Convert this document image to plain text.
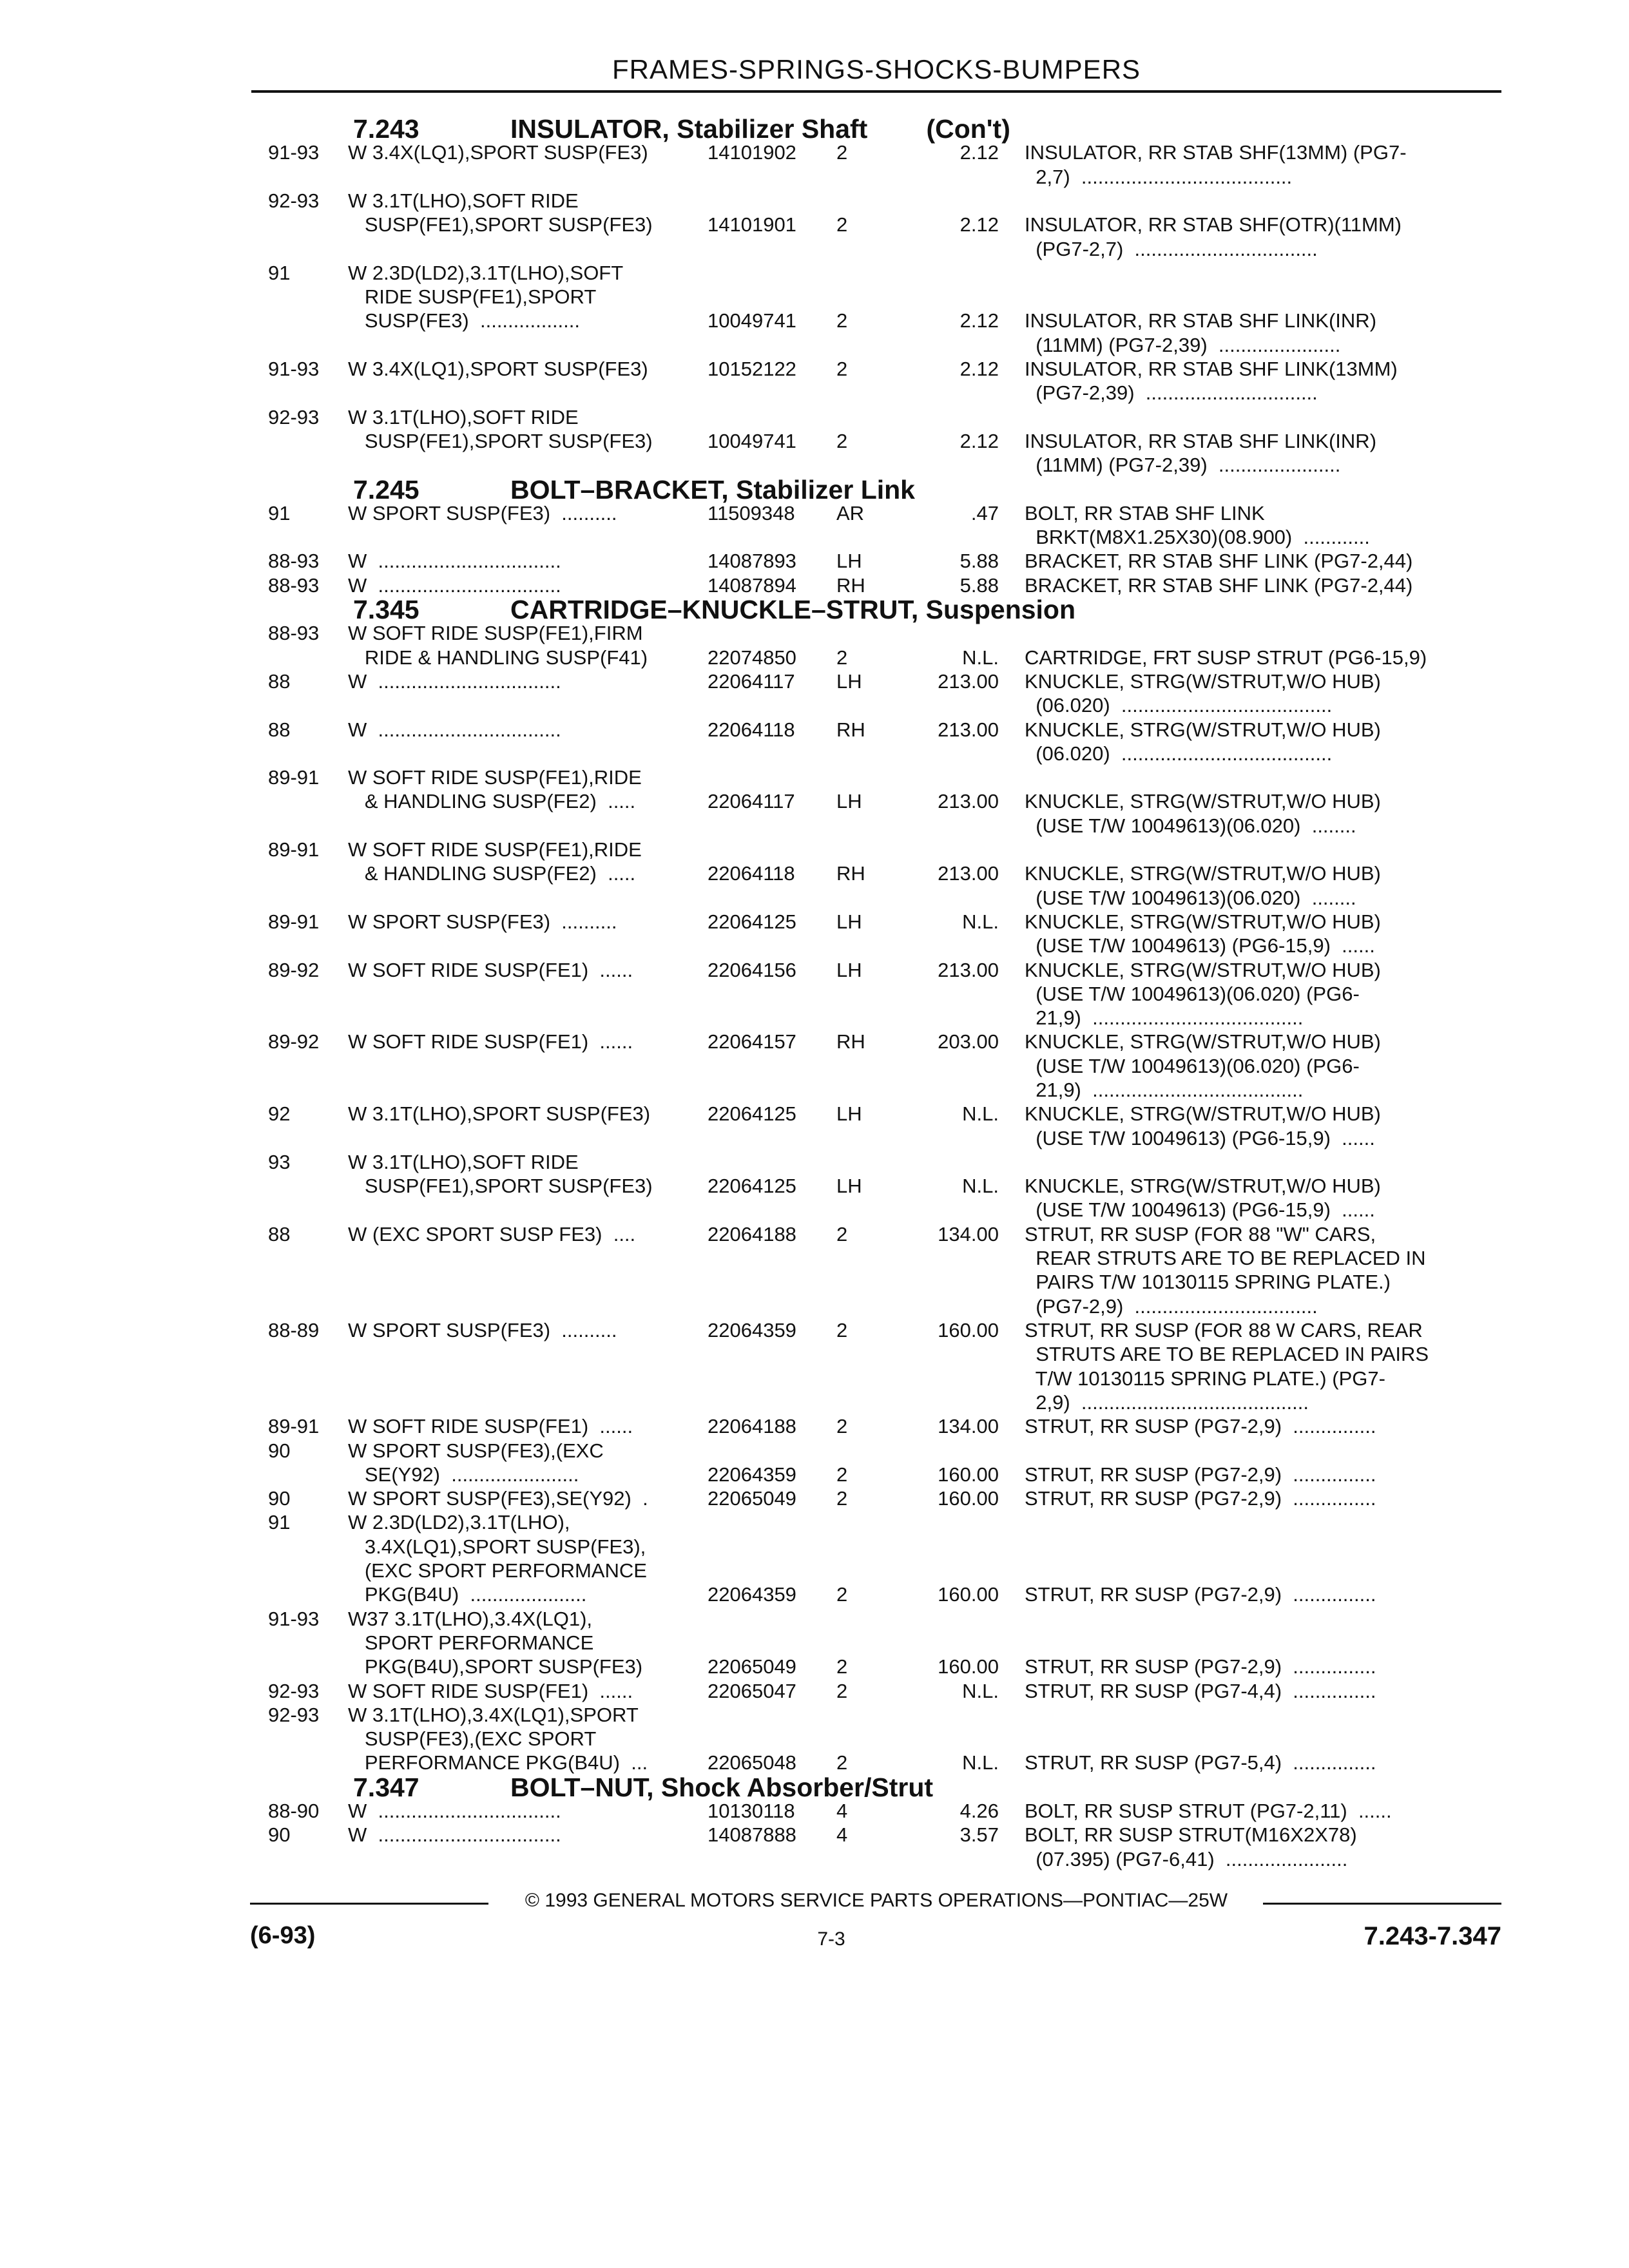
FRAMES-SPRINGS-SHOCKS-BUMPERS
7.243	INSULATOR, Stabilizer Shaft        (Con't)
91-93 W 3.4X(LQ1),SPORT SUSP(FE3)	14101902 2	2.12 INSULATOR, RR STAB SHF(13MM) (PG7-
2,7)  ......................................
92-93 W 3.1T(LHO),SOFT RIDE
SUSP(FE1),SPORT SUSP(FE3)	14101901 2	2.12 INSULATOR, RR STAB SHF(OTR)(11MM)
(PG7-2,7)  .................................
91	W 2.3D(LD2),3.1T(LHO),SOFT
RIDE SUSP(FE1),SPORT
SUSP(FE3)  ..................	10049741 2	2.12 INSULATOR, RR STAB SHF LINK(INR)
(11MM) (PG7-2,39)  ......................
91-93 W 3.4X(LQ1),SPORT SUSP(FE3)	10152122 2	2.12 INSULATOR, RR STAB SHF LINK(13MM)
(PG7-2,39)  ...............................
92-93 W 3.1T(LHO),SOFT RIDE
SUSP(FE1),SPORT SUSP(FE3)	10049741 2	2.12 INSULATOR, RR STAB SHF LINK(INR)
(11MM) (PG7-2,39)  ......................
7.245	BOLT–BRACKET, Stabilizer Link
91	W SPORT SUSP(FE3)  ..........	11509348 AR	.47 BOLT, RR STAB SHF LINK
BRKT(M8X1.25X30)(08.900)  ............
88-93 W  .................................	14087893 LH	5.88 BRACKET, RR STAB SHF LINK (PG7-2,44)
88-93 W  .................................	14087894 RH	5.88 BRACKET, RR STAB SHF LINK (PG7-2,44)
7.345	CARTRIDGE–KNUCKLE–STRUT, Suspension
88-93 W SOFT RIDE SUSP(FE1),FIRM
RIDE & HANDLING SUSP(F41)	22074850 2	N.L. CARTRIDGE, FRT SUSP STRUT (PG6-15,9)
88	W  .................................	22064117 LH	213.00 KNUCKLE, STRG(W/STRUT,W/O HUB)
(06.020)  ......................................
88	W  .................................	22064118 RH	213.00 KNUCKLE, STRG(W/STRUT,W/O HUB)
(06.020)  ......................................
89-91 W SOFT RIDE SUSP(FE1),RIDE
& HANDLING SUSP(FE2)  .....	22064117 LH	213.00 KNUCKLE, STRG(W/STRUT,W/O HUB)
(USE T/W 10049613)(06.020)  ........
89-91 W SOFT RIDE SUSP(FE1),RIDE
& HANDLING SUSP(FE2)  .....	22064118 RH	213.00 KNUCKLE, STRG(W/STRUT,W/O HUB)
(USE T/W 10049613)(06.020)  ........
89-91 W SPORT SUSP(FE3)  ..........	22064125 LH	N.L. KNUCKLE, STRG(W/STRUT,W/O HUB)
(USE T/W 10049613) (PG6-15,9)  ......
89-92 W SOFT RIDE SUSP(FE1)  ......	22064156 LH	213.00 KNUCKLE, STRG(W/STRUT,W/O HUB)
(USE T/W 10049613)(06.020) (PG6-
21,9)  ......................................
89-92 W SOFT RIDE SUSP(FE1)  ......	22064157 RH	203.00 KNUCKLE, STRG(W/STRUT,W/O HUB)
(USE T/W 10049613)(06.020) (PG6-
21,9)  ......................................
92	W 3.1T(LHO),SPORT SUSP(FE3)	22064125 LH	N.L. KNUCKLE, STRG(W/STRUT,W/O HUB)
(USE T/W 10049613) (PG6-15,9)  ......
93	W 3.1T(LHO),SOFT RIDE
SUSP(FE1),SPORT SUSP(FE3)	22064125 LH	N.L. KNUCKLE, STRG(W/STRUT,W/O HUB)
(USE T/W 10049613) (PG6-15,9)  ......
88	W (EXC SPORT SUSP FE3)  ....	22064188 2	134.00 STRUT, RR SUSP (FOR 88 "W" CARS,
REAR STRUTS ARE TO BE REPLACED IN
PAIRS T/W 10130115 SPRING PLATE.)
(PG7-2,9)  .................................
88-89 W SPORT SUSP(FE3)  ..........	22064359 2	160.00 STRUT, RR SUSP (FOR 88 W CARS, REAR
STRUTS ARE TO BE REPLACED IN PAIRS
T/W 10130115 SPRING PLATE.) (PG7-
2,9)  .........................................
89-91 W SOFT RIDE SUSP(FE1)  ......	22064188 2	134.00 STRUT, RR SUSP (PG7-2,9)  ...............
90	W SPORT SUSP(FE3),(EXC
SE(Y92)  .......................	22064359 2	160.00 STRUT, RR SUSP (PG7-2,9)  ...............
90	W SPORT SUSP(FE3),SE(Y92)  .	22065049 2	160.00 STRUT, RR SUSP (PG7-2,9)  ...............
91	W 2.3D(LD2),3.1T(LHO),
3.4X(LQ1),SPORT SUSP(FE3),
(EXC SPORT PERFORMANCE
PKG(B4U)  .....................	22064359 2	160.00 STRUT, RR SUSP (PG7-2,9)  ...............
91-93 W37 3.1T(LHO),3.4X(LQ1),
SPORT PERFORMANCE
PKG(B4U),SPORT SUSP(FE3)	22065049 2	160.00 STRUT, RR SUSP (PG7-2,9)  ...............
92-93 W SOFT RIDE SUSP(FE1)  ......	22065047 2	N.L. STRUT, RR SUSP (PG7-4,4)  ...............
92-93 W 3.1T(LHO),3.4X(LQ1),SPORT
SUSP(FE3),(EXC SPORT
PERFORMANCE PKG(B4U)  ...	22065048 2	N.L. STRUT, RR SUSP (PG7-5,4)  ...............
7.347	BOLT–NUT, Shock Absorber/Strut
88-90 W  .................................	10130118 4	4.26 BOLT, RR SUSP STRUT (PG7-2,11)  ......
90	W  .................................	14087888 4	3.57 BOLT, RR SUSP STRUT(M16X2X78)
(07.395) (PG7-6,41)  ......................
© 1993 GENERAL MOTORS SERVICE PARTS OPERATIONS—PONTIAC—25W
(6-93)	7-3	7.243-7.347
